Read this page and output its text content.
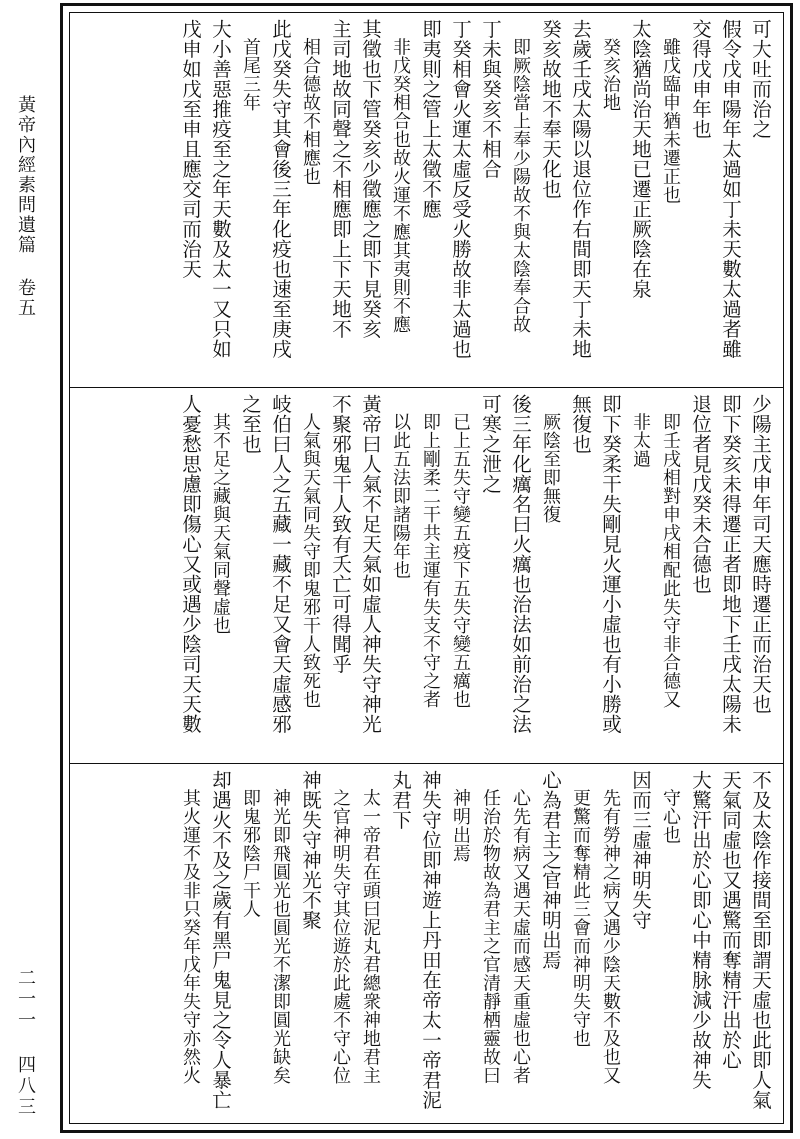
黃帝內經素問遺篇 卷五
二一一 四八三
可大吐而治之
假令戊申陽年太過如丁未天數太過者雖
交得戊申年也
　雖戊臨申猶未遷正也
太陰猶尚治天地已遷正厥陰在泉
　癸亥治地
去歲壬戌太陽以退位作右間即天丁未地
癸亥故地不奉天化也
　即厥陰當上奉少陽故不與太陰奉合故
丁未與癸亥不相合
丁癸相會火運太虛反受火勝故非太過也
即夷則之管上太徵不應
　非戊癸相合也故火運不應其夷則不應
其徵也下管癸亥少徵應之即下見癸亥
主司地故同聲之不相應即上下天地不
　相合德故不相應也
此戊癸失守其會後三年化疫也速至庚戌
　首尾三年
大小善惡推疫至之年天數及太一又只如
戊申如戊至申且應交司而治天
少陽主戊申年司天應時遷正而治天也
即下癸亥未得遷正者即地下壬戌太陽未
退位者見戊癸未合德也
　即壬戌相對申戌相配此失守非合德又
　非太過
即下癸柔干失剛見火運小虛也有小勝或
無復也
　厥陰至即無復
後三年化癘名曰火癘也治法如前治之法
可寒之泄之
　已上五失守變五疫下五失守變五癘也
　即上剛柔二干共主運有失支不守之者
　以此五法即諸陽年也
黃帝曰人氣不足天氣如虛人神失守神光
不聚邪鬼干人致有夭亡可得聞乎
　人氣與天氣同失守即鬼邪干人致死也
岐伯曰人之五藏一藏不足又會天虛感邪
之至也
　其不足之藏與天氣同聲虛也
人憂愁思慮即傷心又或遇少陰司天天數
不及太陰作接間至即謂天虛也此即人氣
天氣同虛也又遇驚而奪精汗出於心
大驚汗出於心即心中精脉減少故神失
　守心也
因而三虛神明失守
　先有勞神之病又遇少陰天數不及也又
　更驚而奪精此三會而神明失守也
心為君主之官神明出焉
　心先有病又遇天虛而感天重虛也心者
　任治於物故為君主之官清靜栖靈故曰
　神明出焉
神失守位即神遊上丹田在帝太一帝君泥
丸君下
　太一帝君在頭曰泥丸君總衆神地君主
　之官神明失守其位遊於此處不守心位
神既失守神光不聚
　神光即飛圓光也圓光不潔即圓光缺矣
　即鬼邪陰尸干人
却遇火不及之歲有黑尸鬼見之令人暴亡
　其火運不及非只癸年戊年失守亦然火
